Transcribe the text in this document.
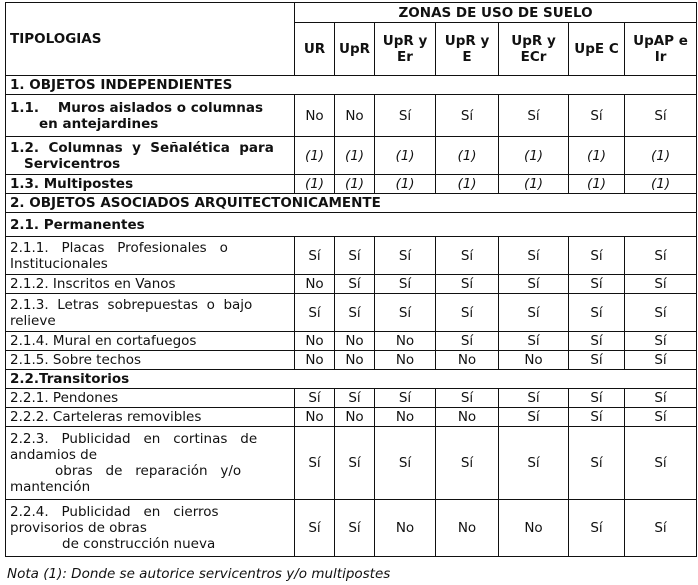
TIPOLOGIAS	ZONAS DE USO DE SUELO						
	UR	UpR	UpR y Er	UpR y E	UpR y ECr	UpE C	UpAP e Ir
1. OBJETOS INDEPENDIENTES							

1.1.    Muros aislados o columnas
en antejardines	No	No	Sí	Sí	Sí	Sí	Sí

1.2.  Columnas  y  Señalética  para
Servicentros	(1)	(1)	(1)	(1)	(1)	(1)	(1)
1.3. Multipostes	(1)	(1)	(1)	(1)	(1)	(1)	(1)
2. OBJETOS ASOCIADOS ARQUITECTONICAMENTE							
2.1. Permanentes							

2.1.1.   Placas   Profesionales   o
Institucionales	Sí	Sí	Sí	Sí	Sí	Sí	Sí
2.1.2. Inscritos en Vanos	No	Sí	Sí	Sí	Sí	Sí	Sí

2.1.3.  Letras  sobrepuestas  o  bajo
relieve	Sí	Sí	Sí	Sí	Sí	Sí	Sí
2.1.4. Mural en cortafuegos	No	No	No	Sí	Sí	Sí	Sí
2.1.5. Sobre techos	No	No	No	No	No	Sí	Sí
2.2.Transitorios							
2.2.1. Pendones	Sí	Sí	Sí	Sí	Sí	Sí	Sí
2.2.2. Carteleras removibles	No	No	No	No	Sí	Sí	Sí

2.2.3.   Publicidad   en   cortinas   de
andamios de
obras   de   reparación   y/o
mantención	Sí	Sí	Sí	Sí	Sí	Sí	Sí

2.2.4.   Publicidad   en   cierros
provisorios de obras
de construcción nueva	Sí	Sí	No	No	No	Sí	Sí
Nota (1): Donde se autorice servicentros y/o multipostes
